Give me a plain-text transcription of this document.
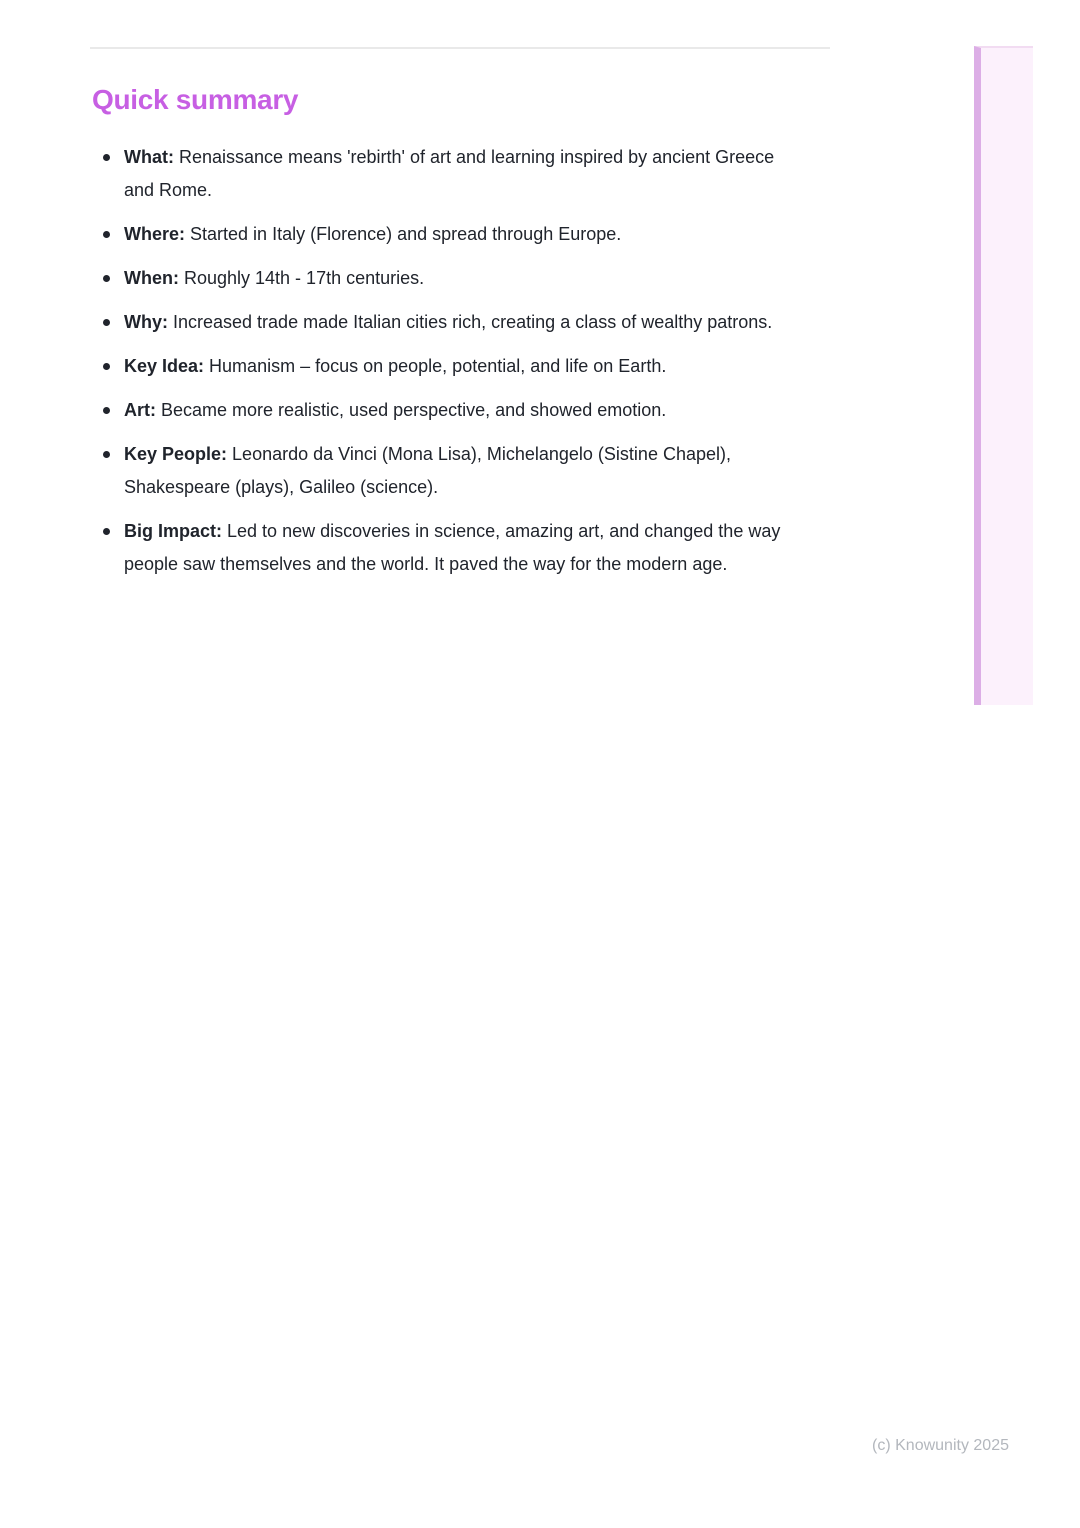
Quick summary
What: Renaissance means 'rebirth' of art and learning inspired by ancient Greece and Rome.
Where: Started in Italy (Florence) and spread through Europe.
When: Roughly 14th - 17th centuries.
Why: Increased trade made Italian cities rich, creating a class of wealthy patrons.
Key Idea: Humanism – focus on people, potential, and life on Earth.
Art: Became more realistic, used perspective, and showed emotion.
Key People: Leonardo da Vinci (Mona Lisa), Michelangelo (Sistine Chapel), Shakespeare (plays), Galileo (science).
Big Impact: Led to new discoveries in science, amazing art, and changed the way people saw themselves and the world. It paved the way for the modern age.
(c) Knowunity 2025
